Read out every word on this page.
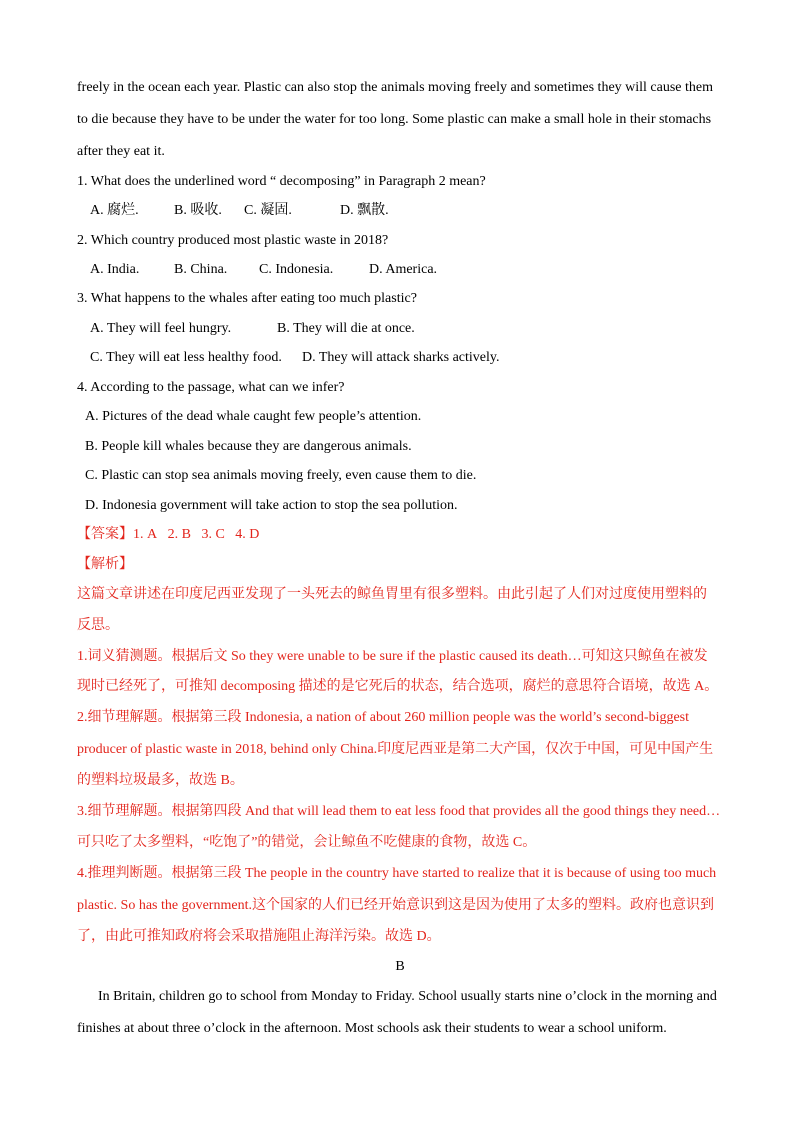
freely in the ocean each year. Plastic can also stop the animals moving freely and sometimes they will cause them
to die because they have to be under the water for too long. Some plastic can make a small hole in their stomachs
after they eat it.
1. What does the underlined word “ decomposing” in Paragraph 2 mean?
A. 腐烂.	B. 吸收. C. 凝固.	D. 飘散.
2. Which country produced most plastic waste in 2018?
A. India. B. China. C. Indonesia.	D. America.
3. What happens to the whales after eating too much plastic?
A. They will feel hungry.	B. They will die at once.
C. They will eat less healthy food. D. They will attack sharks actively.
4. According to the passage, what can we infer?
A. Pictures of the dead whale caught few people’s attention.
B. People kill whales because they are dangerous animals.
C. Plastic can stop sea animals moving freely, even cause them to die.
D. Indonesia government will take action to stop the sea pollution.
【答案】1. A   2. B   3. C   4. D
【解析】
这篇文章讲述在印度尼西亚发现了一头死去的鲸鱼胃里有很多塑料。由此引起了人们对过度使用塑料的
反思。
1.词义猜测题。根据后文 So they were unable to be sure if the plastic caused its death…可知这只鲸鱼在被发
现时已经死了，可推知 decomposing 描述的是它死后的状态，结合选项，腐烂的意思符合语境，故选 A。
2.细节理解题。根据第三段 Indonesia, a nation of about 260 million people was the world’s second-biggest
producer of plastic waste in 2018, behind only China.印度尼西亚是第二大产国，仅次于中国，可见中国产生
的塑料垃圾最多，故选 B。
3.细节理解题。根据第四段 And that will lead them to eat less food that provides all the good things they need…
可只吃了太多塑料，“吃饱了”的错觉，会让鲸鱼不吃健康的食物，故选 C。
4.推理判断题。根据第三段 The people in the country have started to realize that it is because of using too much
plastic. So has the government.这个国家的人们已经开始意识到这是因为使用了太多的塑料。政府也意识到
了，由此可推知政府将会采取措施阻止海洋污染。故选 D。
B
In Britain, children go to school from Monday to Friday. School usually starts nine o’clock in the morning and
finishes at about three o’clock in the afternoon. Most schools ask their students to wear a school uniform.
